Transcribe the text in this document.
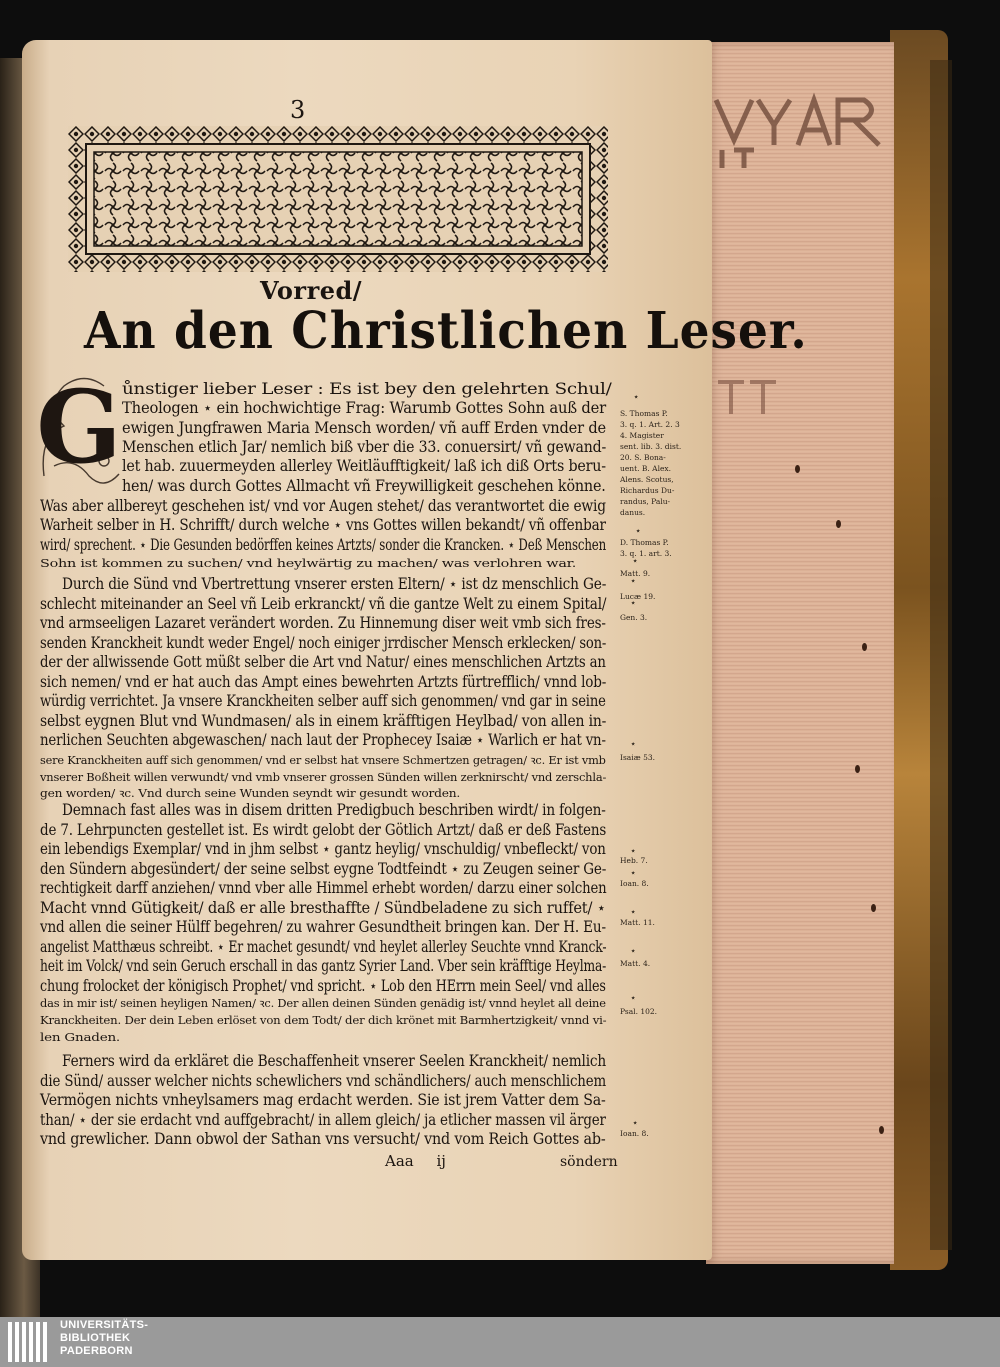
3
Vorred/
An den Christlichen Leser.
G ůnstiger lieber Leser : Es ist bey den gelehrten Schul/
Theologen ⋆ ein hochwichtige Frag: Warumb Gottes Sohn auß der
ewigen Jungfrawen Maria Mensch worden/ vñ auff Erden vnder de
Menschen etlich Jar/ nemlich biß vber die 33. conuersirt/ vñ gewand-
let hab. zuuermeyden allerley Weitläufftigkeit/ laß ich diß Orts beru-
hen/ was durch Gottes Allmacht vñ Freywilligkeit geschehen könne.
Was aber allbereyt geschehen ist/ vnd vor Augen stehet/ das verantwortet die ewig
Warheit selber in H. Schrifft/ durch welche ⋆ vns Gottes willen bekandt/ vñ offenbar
wird/ sprechent. ⋆ Die Gesunden bedörffen keines Artzts/ sonder die Krancken. ⋆ Deß Menschen
Sohn ist kommen zu suchen/ vnd heylwärtig zu machen/ was verlohren war.
Durch die Sünd vnd Vbertrettung vnserer ersten Eltern/ ⋆ ist dz menschlich Ge-
schlecht miteinander an Seel vñ Leib erkranckt/ vñ die gantze Welt zu einem Spital/
vnd armseeligen Lazaret verändert worden. Zu Hinnemung diser weit vmb sich fres-
senden Kranckheit kundt weder Engel/ noch einiger jrrdischer Mensch erklecken/ son-
der der allwissende Gott müßt selber die Art vnd Natur/ eines menschlichen Artzts an
sich nemen/ vnd er hat auch das Ampt eines bewehrten Artzts fürtrefflich/ vnnd lob-
würdig verrichtet. Ja vnsere Kranckheiten selber auff sich genommen/ vnd gar in seine
selbst eygnen Blut vnd Wundmasen/ als in einem kräfftigen Heylbad/ von allen in-
nerlichen Seuchten abgewaschen/ nach laut der Prophecey Isaiæ ⋆ Warlich er hat vn-
sere Kranckheiten auff sich genommen/ vnd er selbst hat vnsere Schmertzen getragen/ ꝛc. Er ist vmb
vnserer Boßheit willen verwundt/ vnd vmb vnserer grossen Sünden willen zerknirscht/ vnd zerschla-
gen worden/ ꝛc. Vnd durch seine Wunden seyndt wir gesundt worden.
Demnach fast alles was in disem dritten Predigbuch beschriben wirdt/ in folgen-
de 7. Lehrpuncten gestellet ist. Es wirdt gelobt der Götlich Artzt/ daß er deß Fastens
ein lebendigs Exemplar/ vnd in jhm selbst ⋆ gantz heylig/ vnschuldig/ vnbefleckt/ von
den Sündern abgesündert/ der seine selbst eygne Todtfeindt ⋆ zu Zeugen seiner Ge-
rechtigkeit darff anziehen/ vnnd vber alle Himmel erhebt worden/ darzu einer solchen
Macht vnnd Gütigkeit/ daß er alle bresthaffte / Sündbeladene zu sich ruffet/ ⋆
vnd allen die seiner Hülff begehren/ zu wahrer Gesundtheit bringen kan. Der H. Eu-
angelist Matthæus schreibt. ⋆ Er machet gesundt/ vnd heylet allerley Seuchte vnnd Kranck-
heit im Volck/ vnd sein Geruch erschall in das gantz Syrier Land. Vber sein kräfftige Heylma-
chung frolocket der königisch Prophet/ vnd spricht. ⋆ Lob den HErrn mein Seel/ vnd alles
das in mir ist/ seinen heyligen Namen/ ꝛc. Der allen deinen Sünden genädig ist/ vnnd heylet all deine
Kranckheiten. Der dein Leben erlöset von dem Todt/ der dich krönet mit Barmhertzigkeit/ vnnd vi-
len Gnaden.
Ferners wird da erkläret die Beschaffenheit vnserer Seelen Kranckheit/ nemlich
die Sünd/ ausser welcher nichts schewlichers vnd schändlichers/ auch menschlichem
Vermögen nichts vnheylsamers mag erdacht werden. Sie ist jrem Vatter dem Sa-
than/ ⋆ der sie erdacht vnd auffgebracht/ in allem gleich/ ja etlicher massen vil ärger
vnd grewlicher. Dann obwol der Sathan vns versucht/ vnd vom Reich Gottes ab-
S. Thomas P.
3. q. 1. Art. 2. 3
4. Magister
sent. lib. 3. dist.
20. S. Bona-
uent. B. Alex.
Alens. Scotus,
Richardus Du-
randus, Palu-
danus.
D. Thomas P.
3. q. 1. art. 3.
Matt. 9.
Lucæ 19.
Gen. 3.
Isaiæ 53.
Heb. 7.
Ioan. 8.
Matt. 11.
Matt. 4.
Psal. 102.
Ioan. 8.
⋆
⋆
⋆
⋆
⋆
⋆
⋆
⋆
⋆
⋆
⋆
⋆
Aaa ij	söndern
UNIVERSITÄTS-
BIBLIOTHEK
PADERBORN
